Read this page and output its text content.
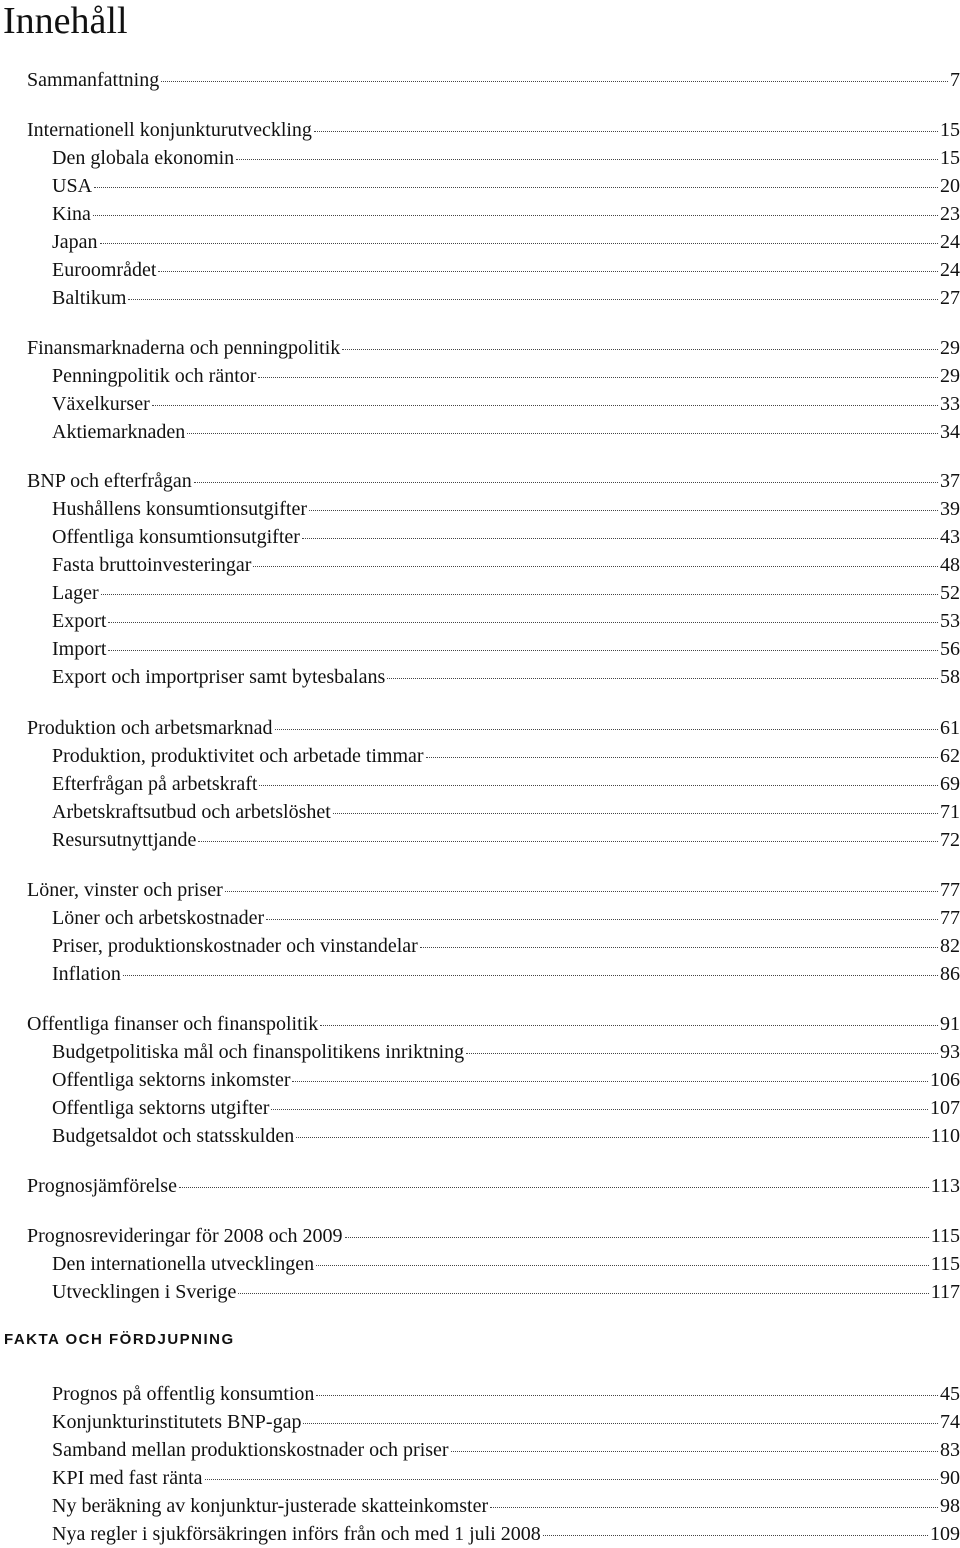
Innehåll
Sammanfattning	7
Internationell konjunkturutveckling	15
Den globala ekonomin	15
USA	20
Kina	23
Japan	24
Euroområdet	24
Baltikum	27
Finansmarknaderna och penningpolitik	29
Penningpolitik och räntor	29
Växelkurser	33
Aktiemarknaden	34
BNP och efterfrågan	37
Hushållens konsumtionsutgifter	39
Offentliga konsumtionsutgifter	43
Fasta bruttoinvesteringar	48
Lager	52
Export	53
Import	56
Export och importpriser samt bytesbalans	58
Produktion och arbetsmarknad	61
Produktion, produktivitet och arbetade timmar	62
Efterfrågan på arbetskraft	69
Arbetskraftsutbud och arbetslöshet	71
Resursutnyttjande	72
Löner, vinster och priser	77
Löner och arbetskostnader	77
Priser, produktionskostnader och vinstandelar	82
Inflation	86
Offentliga finanser och finanspolitik	91
Budgetpolitiska mål och finanspolitikens inriktning	93
Offentliga sektorns inkomster	106
Offentliga sektorns utgifter	107
Budgetsaldot och statsskulden	110
Prognosjämförelse	113
Prognosrevideringar för 2008 och 2009	115
Den internationella utvecklingen	115
Utvecklingen i Sverige	117
FAKTA OCH FÖRDJUPNING
Prognos på offentlig konsumtion	45
Konjunkturinstitutets BNP-gap	74
Samband mellan produktionskostnader och priser	83
KPI med fast ränta	90
Ny beräkning av konjunktur-justerade skatteinkomster	98
Nya regler i sjukförsäkringen införs från och med 1 juli 2008	109
